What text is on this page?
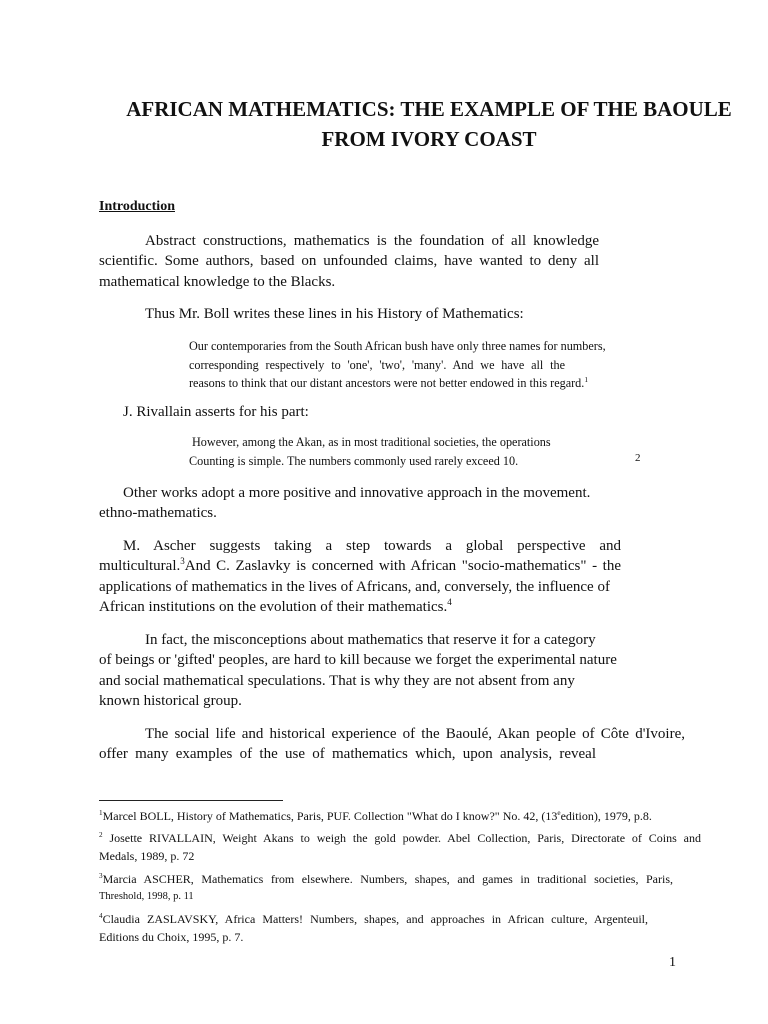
AFRICAN MATHEMATICS: THE EXAMPLE OF THE BAOULE
FROM IVORY COAST
Introduction
Abstract constructions, mathematics is the foundation of all knowledge
scientific. Some authors, based on unfounded claims, have wanted to deny all
mathematical knowledge to the Blacks.
Thus Mr. Boll writes these lines in his History of Mathematics:
Our contemporaries from the South African bush have only three names for numbers,
corresponding respectively to 'one', 'two', 'many'. And we have all the
reasons to think that our distant ancestors were not better endowed in this regard.$^1$
J. Rivallain asserts for his part:
However, among the Akan, as in most traditional societies, the operations
Counting is simple. The numbers commonly used rarely exceed 10.	2
Other works adopt a more positive and innovative approach in the movement.
ethno-mathematics.
M. Ascher suggests taking a step towards a global perspective and
multicultural.$^3$And C. Zaslavky is concerned with African "socio-mathematics" - the
applications of mathematics in the lives of Africans, and, conversely, the influence of
African institutions on the evolution of their mathematics.$^4$
In fact, the misconceptions about mathematics that reserve it for a category
of beings or 'gifted' peoples, are hard to kill because we forget the experimental nature
and social mathematical speculations. That is why they are not absent from any
known historical group.
The social life and historical experience of the Baoulé, Akan people of Côte d'Ivoire,
offer many examples of the use of mathematics which, upon analysis, reveal
$^1$Marcel BOLL, History of Mathematics, Paris, PUF. Collection "What do I know?" No. 42, (13eedition), 1979, p.8.
$^2$ Josette RIVALLAIN, Weight Akans to weigh the gold powder. Abel Collection, Paris, Directorate of Coins and
Medals, 1989, p. 72
$^3$Marcia ASCHER, Mathematics from elsewhere. Numbers, shapes, and games in traditional societies, Paris,
Threshold, 1998, p. 11
$^4$Claudia ZASLAVSKY, Africa Matters! Numbers, shapes, and approaches in African culture, Argenteuil,
Editions du Choix, 1995, p. 7.
1
